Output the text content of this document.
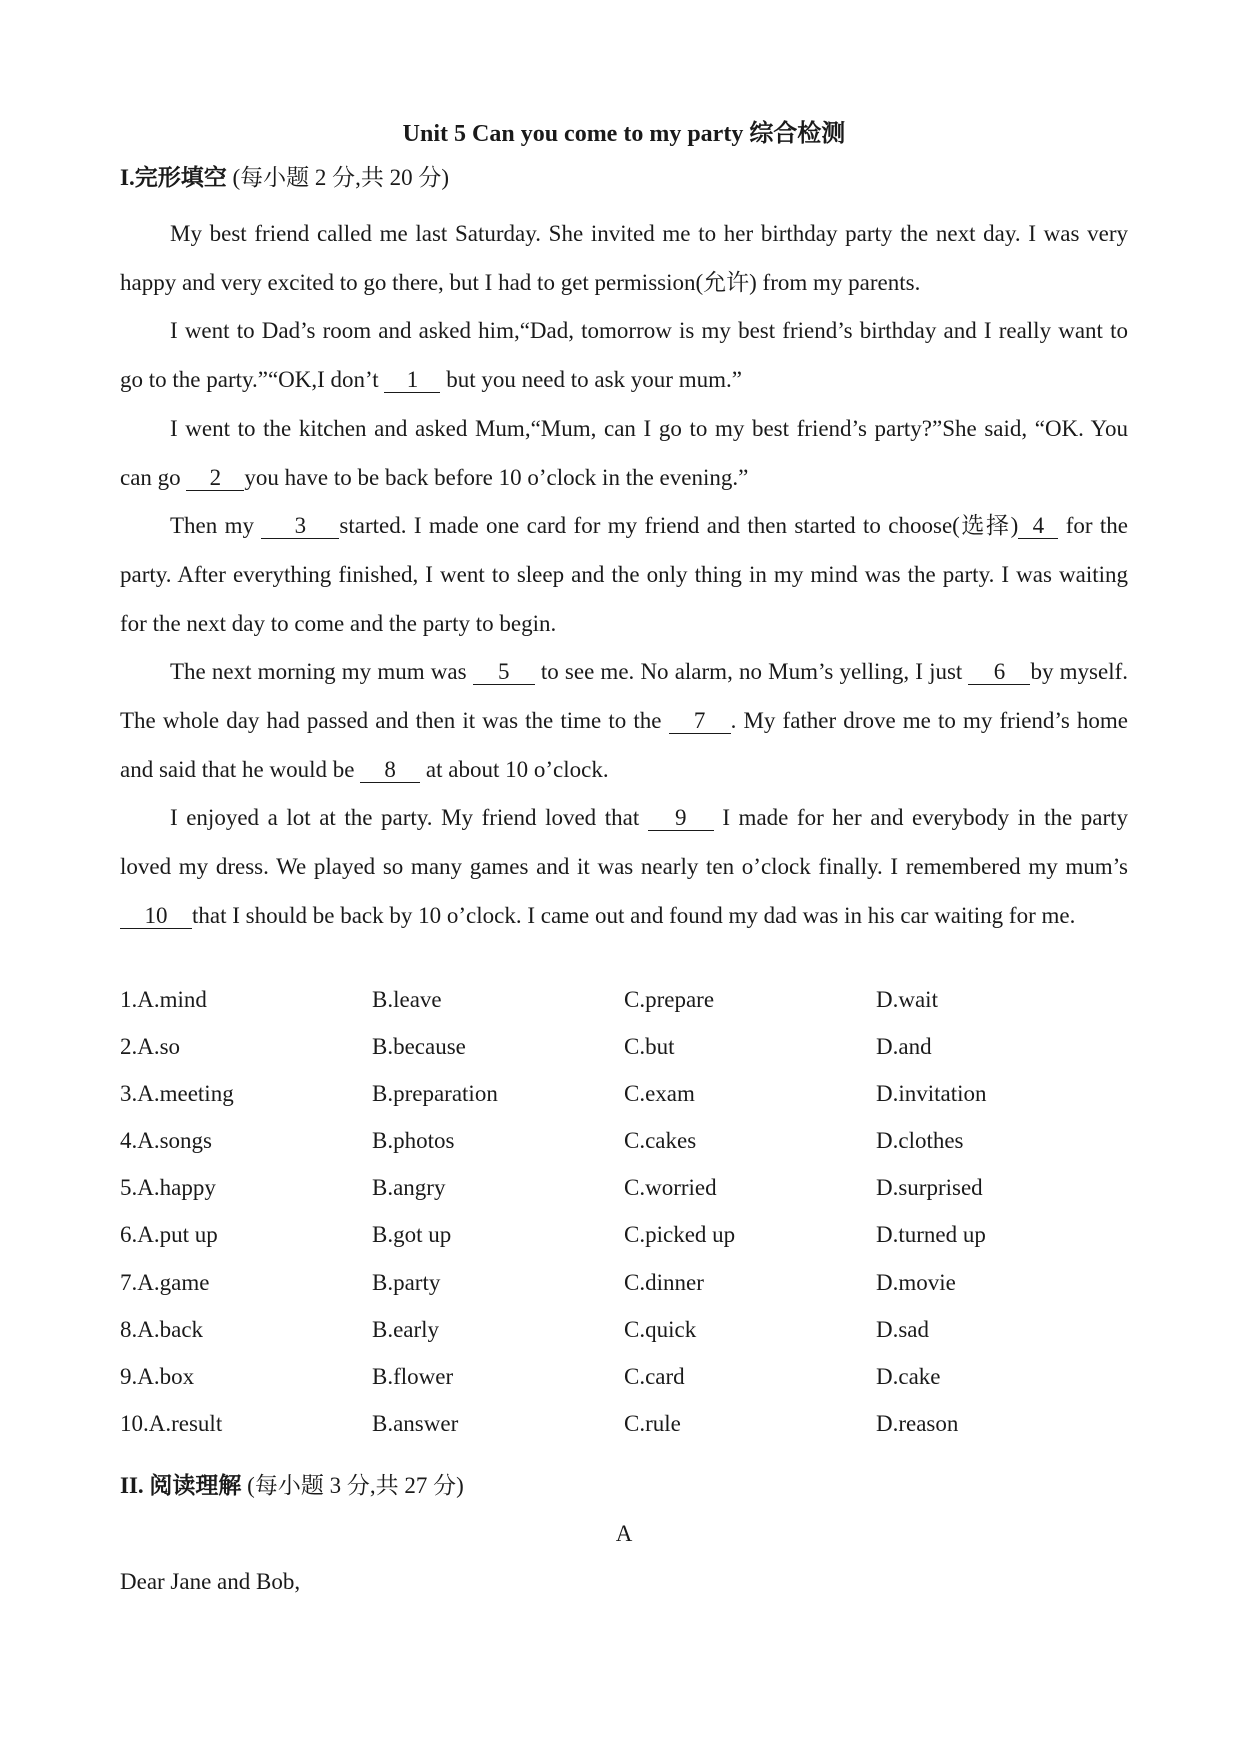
Unit 5 Can you come to my party 综合检测
I.完形填空 (每小题 2 分,共 20 分)

My best friend called me last Saturday. She invited me to her birthday party the next day. I was very happy and very excited to go there, but I had to get permission(允许) from my parents.

I went to Dad’s room and asked him,“Dad, tomorrow is my best friend’s birthday and I really want to go to the party.”“OK,I don’t 1 but you need to ask your mum.”

I went to the kitchen and asked Mum,“Mum, can I go to my best friend’s party?”She said, “OK. You can go 2 you have to be back before 10 o’clock in the evening.”

Then my 3 started. I made one card for my friend and then started to choose(选择) 4 for the party. After everything finished, I went to sleep and the only thing in my mind was the party. I was waiting for the next day to come and the party to begin.

The next morning my mum was 5 to see me. No alarm, no Mum’s yelling, I just 6 by myself. The whole day had passed and then it was the time to the 7 . My father drove me to my friend’s home and said that he would be 8 at about 10 o’clock.

I enjoyed a lot at the party. My friend loved that 9 I made for her and everybody in the party loved my dress. We played so many games and it was nearly ten o’clock finally. I remembered my mum’s 10 that I should be back by 10 o’clock. I came out and found my dad was in his car waiting for me.

1.A.mind	B.leave	C.prepare	D.wait
2.A.so	B.because	C.but	D.and
3.A.meeting	B.preparation	C.exam	D.invitation
4.A.songs	B.photos	C.cakes	D.clothes
5.A.happy	B.angry	C.worried	D.surprised
6.A.put up	B.got up	C.picked up	D.turned up
7.A.game	B.party	C.dinner	D.movie
8.A.back	B.early	C.quick	D.sad
9.A.box	B.flower	C.card	D.cake
10.A.result	B.answer	C.rule	D.reason
II. 阅读理解 (每小题 3 分,共 27 分)
A
Dear Jane and Bob,
